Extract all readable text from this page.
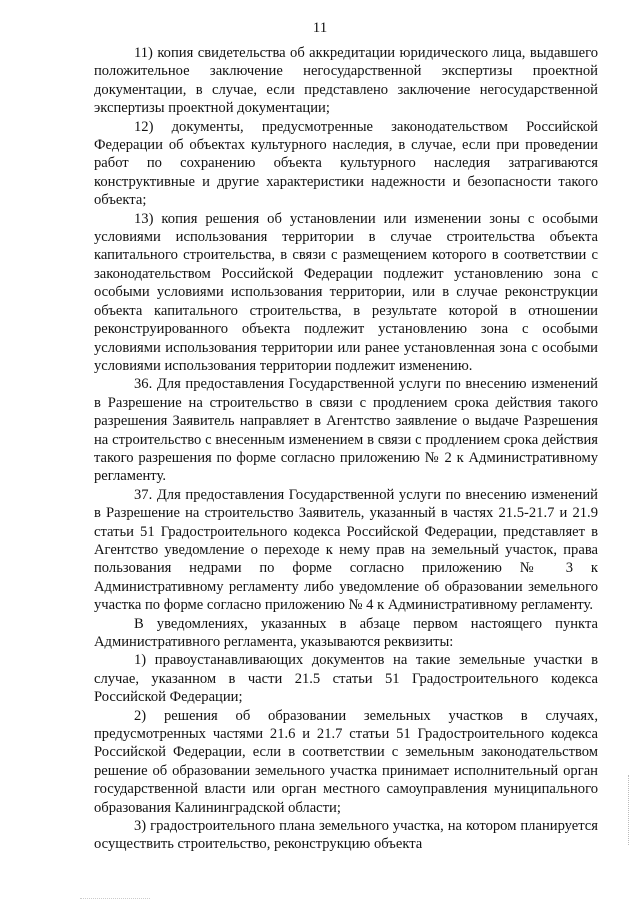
11

11) копия свидетельства об аккредитации юридического лица, выдавшего положительное заключение негосударственной экспертизы проектной документации, в случае, если представлено заключение негосударственной экспертизы проектной документации;

12) документы, предусмотренные законодательством Российской Федерации об объектах культурного наследия, в случае, если при проведении работ по сохранению объекта культурного наследия затрагиваются конструктивные и другие характеристики надежности и безопасности такого объекта;

13) копия решения об установлении или изменении зоны с особыми условиями использования территории в случае строительства объекта капитального строительства, в связи с размещением которого в соответствии с законодательством Российской Федерации подлежит установлению зона с особыми условиями использования территории, или в случае реконструкции объекта капитального строительства, в результате которой в отношении реконструированного объекта подлежит установлению зона с особыми условиями использования территории или ранее установленная зона с особыми условиями использования территории подлежит изменению.

36. Для предоставления Государственной услуги по внесению изменений в Разрешение на строительство в связи с продлением срока действия такого разрешения Заявитель направляет в Агентство заявление о выдаче Разрешения на строительство с внесенным изменением в связи с продлением срока действия такого разрешения по форме согласно приложению № 2 к Административному регламенту.

37. Для предоставления Государственной услуги по внесению изменений в Разрешение на строительство Заявитель, указанный в частях 21.5-21.7 и 21.9 статьи 51 Градостроительного кодекса Российской Федерации, представляет в Агентство уведомление о переходе к нему прав на земельный участок, права пользования недрами по форме согласно приложению № 3 к Административному регламенту либо уведомление об образовании земельного участка по форме согласно приложению № 4 к Административному регламенту.

В уведомлениях, указанных в абзаце первом настоящего пункта Административного регламента, указываются реквизиты:

1) правоустанавливающих документов на такие земельные участки в случае, указанном в части 21.5 статьи 51 Градостроительного кодекса Российской Федерации;

2) решения об образовании земельных участков в случаях, предусмотренных частями 21.6 и 21.7 статьи 51 Градостроительного кодекса Российской Федерации, если в соответствии с земельным законодательством решение об образовании земельного участка принимает исполнительный орган государственной власти или орган местного самоуправления муниципального образования Калининградской области;

3) градостроительного плана земельного участка, на котором планируется осуществить строительство, реконструкцию объекта
